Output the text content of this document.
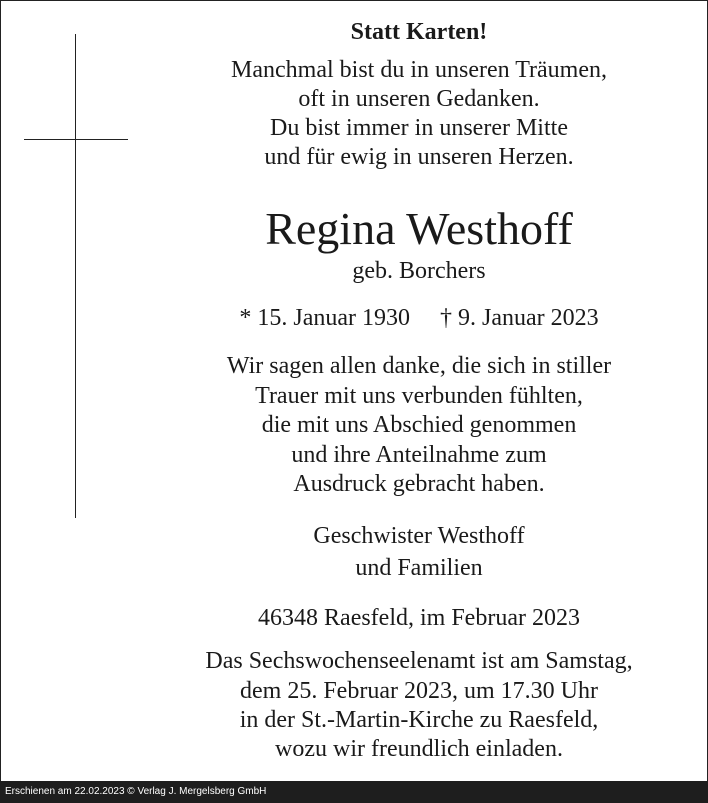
Statt Karten!
Manchmal bist du in unseren Träumen,
oft in unseren Gedanken.
Du bist immer in unserer Mitte
und für ewig in unseren Herzen.
Regina Westhoff
geb. Borchers
* 15. Januar 1930 † 9. Januar 2023
Wir sagen allen danke, die sich in stiller
Trauer mit uns verbunden fühlten,
die mit uns Abschied genommen
und ihre Anteilnahme zum
Ausdruck gebracht haben.
Geschwister Westhoff
und Familien
46348 Raesfeld, im Februar 2023
Das Sechswochenseelenamt ist am Samstag,
dem 25. Februar 2023, um 17.30 Uhr
in der St.-Martin-Kirche zu Raesfeld,
wozu wir freundlich einladen.
Erschienen am 22.02.2023 © Verlag J. Mergelsberg GmbH
